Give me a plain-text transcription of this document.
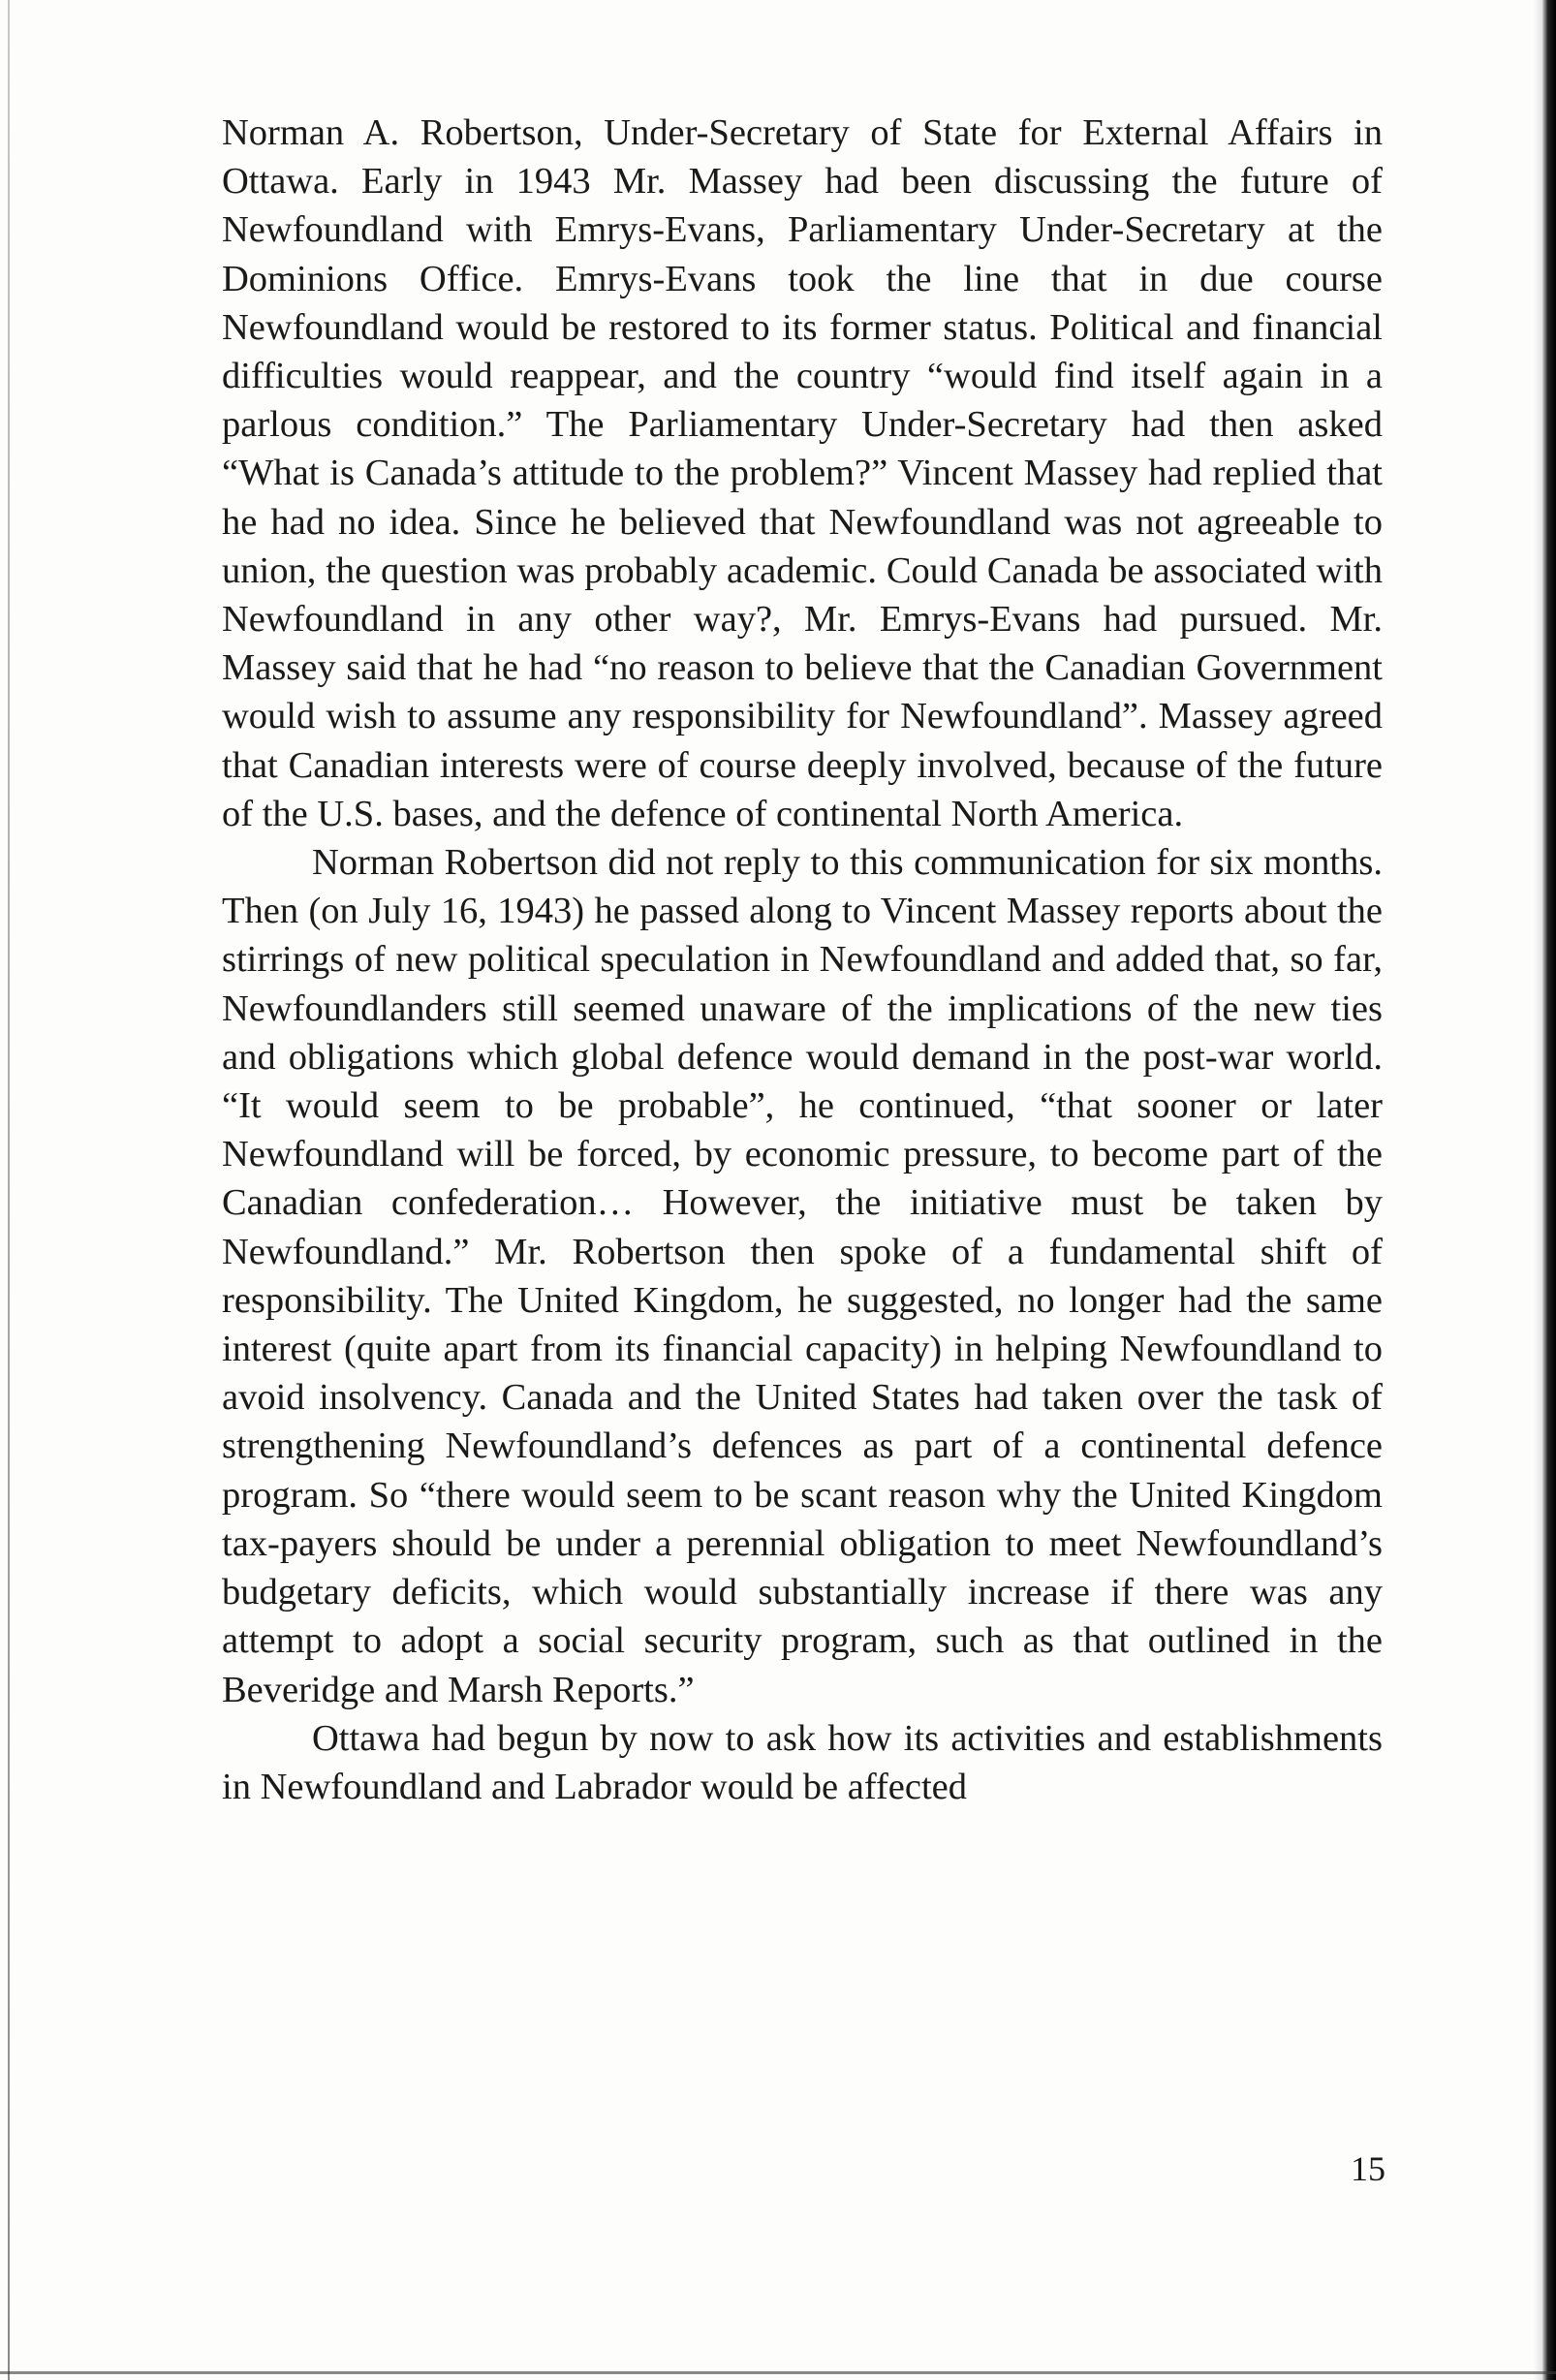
Norman A. Robertson, Under-Secretary of State for External Affairs in Ottawa. Early in 1943 Mr. Massey had been discussing the future of Newfoundland with Emrys-Evans, Parliamentary Under-Secretary at the Dominions Office. Emrys-Evans took the line that in due course Newfoundland would be restored to its former status. Political and financial difficulties would reappear, and the country “would find itself again in a parlous condition.” The Parliamentary Under-Secretary had then asked “What is Canada’s attitude to the problem?” Vincent Massey had replied that he had no idea. Since he believed that Newfoundland was not agreeable to union, the question was probably academic. Could Canada be associated with Newfoundland in any other way?, Mr. Emrys-Evans had pursued. Mr. Massey said that he had “no reason to believe that the Canadian Government would wish to assume any responsibility for Newfoundland”. Massey agreed that Canadian interests were of course deeply involved, because of the future of the U.S. bases, and the defence of continental North America.

Norman Robertson did not reply to this communication for six months. Then (on July 16, 1943) he passed along to Vincent Massey reports about the stirrings of new political speculation in Newfoundland and added that, so far, Newfoundlanders still seemed unaware of the implications of the new ties and obligations which global defence would demand in the post-war world. “It would seem to be probable”, he continued, “that sooner or later Newfoundland will be forced, by economic pressure, to become part of the Canadian confederation… However, the initiative must be taken by Newfoundland.” Mr. Robertson then spoke of a fundamental shift of responsibility. The United Kingdom, he suggested, no longer had the same interest (quite apart from its financial capacity) in helping Newfoundland to avoid insolvency. Canada and the United States had taken over the task of strengthening Newfoundland’s defences as part of a continental defence program. So “there would seem to be scant reason why the United Kingdom tax-payers should be under a perennial obligation to meet Newfoundland’s budgetary deficits, which would substantially increase if there was any attempt to adopt a social security program, such as that outlined in the Beveridge and Marsh Reports.”

Ottawa had begun by now to ask how its activities and establishments in Newfoundland and Labrador would be affected

15
